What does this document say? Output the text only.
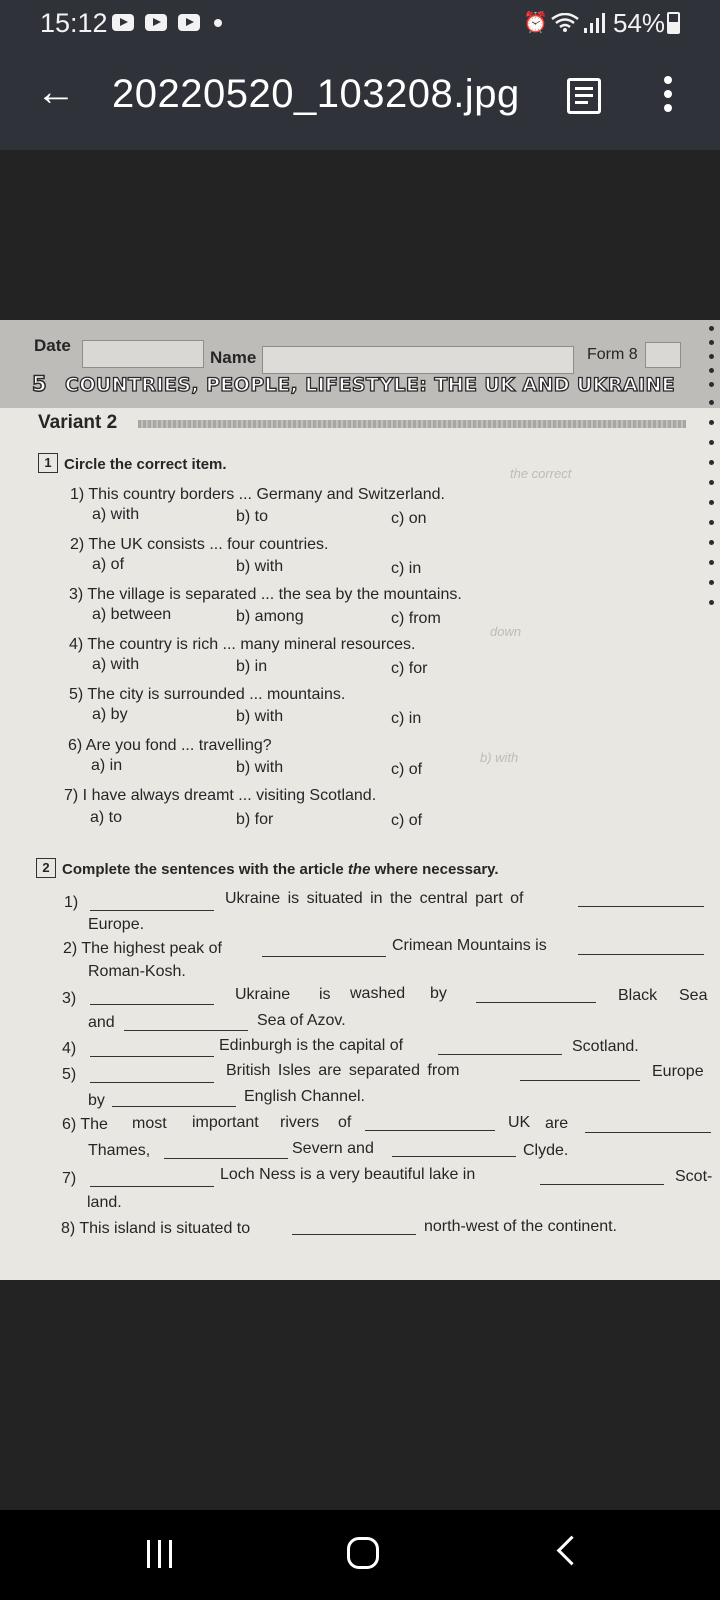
15:12	⏰	54%
← 20220520_103208.jpg
Date
Name	Form 8
5 COUNTRIES, PEOPLE, LIFESTYLE: THE UK AND UKRAINE
Variant 2
1 Circle the correct item.
1) This country borders ... Germany and Switzerland.
a) with	b) to	c) on
2) The UK consists ... four countries.
a) of	b) with	c) in
3) The village is separated ... the sea by the mountains.
a) between	b) among	c) from
4) The country is rich ... many mineral resources.
a) with	b) in	c) for
5) The city is surrounded ... mountains.
a) by	b) with	c) in
6) Are you fond ... travelling?
a) in	b) with	c) of
the correct
down
b) with
2 Complete the sentences with the article the where necessary.
1)	Ukraine is situated in the central part of
Europe.
2) The highest peak of	Crimean Mountains is
Roman-Kosh.
3)	Ukraine is washed by	Black Sea
and	Sea of Azov.
4)	Edinburgh is the capital of	Scotland.
5)	British Isles are separated from	Europe
by	English Channel.
6) The most important rivers of	UK are
Thames,	Severn and	Clyde.
7)	Loch Ness is a very beautiful lake in	Scot-
land.
8) This island is situated to	north-west of the continent.
7) I have always dreamt ... visiting Scotland.
a) to	b) for	c) of
